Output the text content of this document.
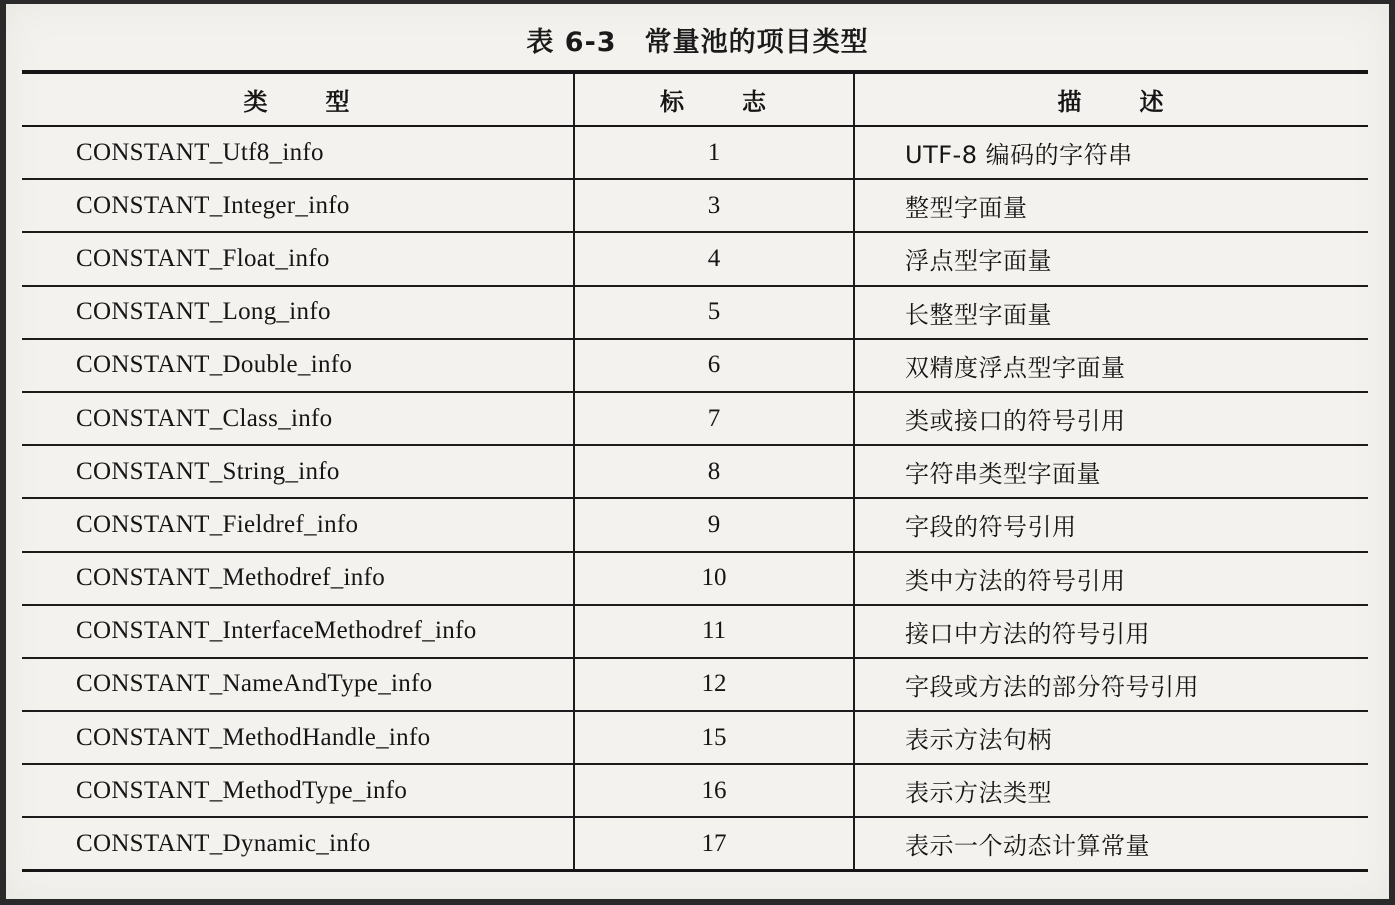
表 6-3 常量池的项目类型
类 型	标 志	描 述
CONSTANT_Utf8_info	1	UTF-8 编码的字符串
CONSTANT_Integer_info	3	整型字面量
CONSTANT_Float_info	4	浮点型字面量
CONSTANT_Long_info	5	长整型字面量
CONSTANT_Double_info	6	双精度浮点型字面量
CONSTANT_Class_info	7	类或接口的符号引用
CONSTANT_String_info	8	字符串类型字面量
CONSTANT_Fieldref_info	9	字段的符号引用
CONSTANT_Methodref_info	10	类中方法的符号引用
CONSTANT_InterfaceMethodref_info	11	接口中方法的符号引用
CONSTANT_NameAndType_info	12	字段或方法的部分符号引用
CONSTANT_MethodHandle_info	15	表示方法句柄
CONSTANT_MethodType_info	16	表示方法类型
CONSTANT_Dynamic_info	17	表示一个动态计算常量
